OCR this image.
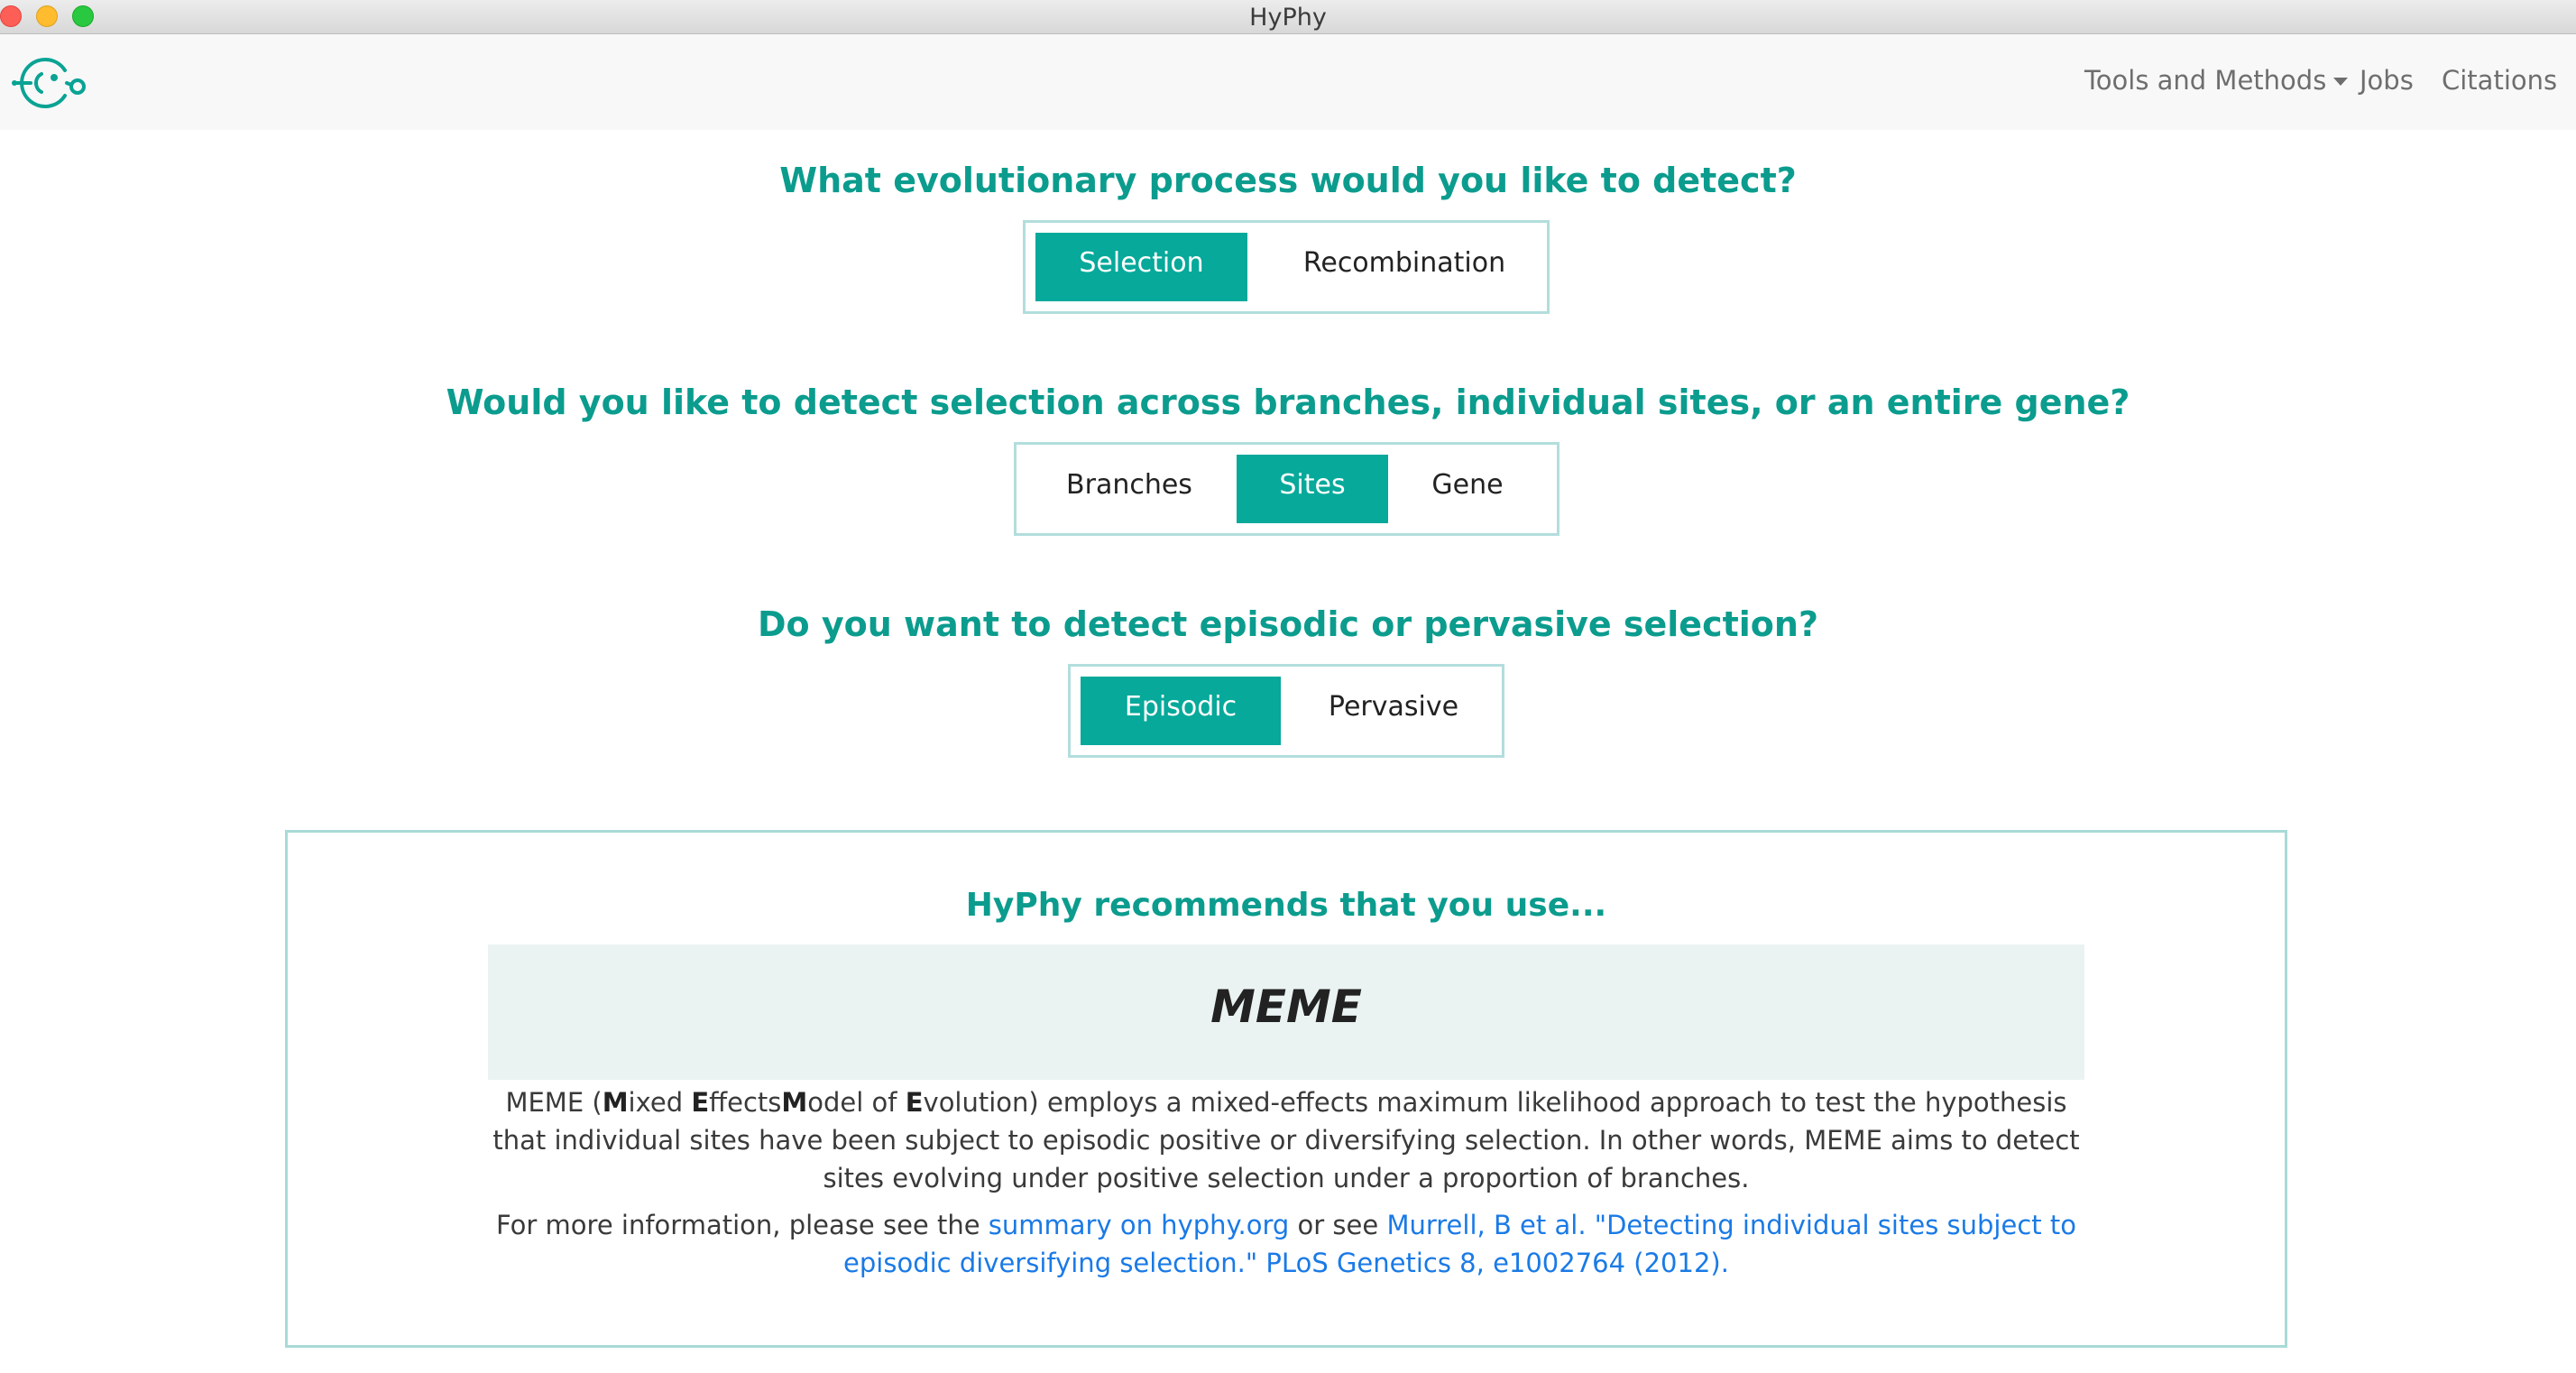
HyPhy
Tools and Methods	Jobs Citations
What evolutionary process would you like to detect?
Selection	Recombination
Would you like to detect selection across branches, individual sites, or an entire gene?
Branches	Sites	Gene
Do you want to detect episodic or pervasive selection?
Episodic	Pervasive
HyPhy recommends that you use...
MEME
MEME (Mixed EffectsModel of Evolution) employs a mixed-effects maximum likelihood approach to test the hypothesis that individual sites have been subject to episodic positive or diversifying selection. In other words, MEME aims to detect sites evolving under positive selection under a proportion of branches.
For more information, please see the summary on hyphy.org or see Murrell, B et al. "Detecting individual sites subject to episodic diversifying selection." PLoS Genetics 8, e1002764 (2012).
